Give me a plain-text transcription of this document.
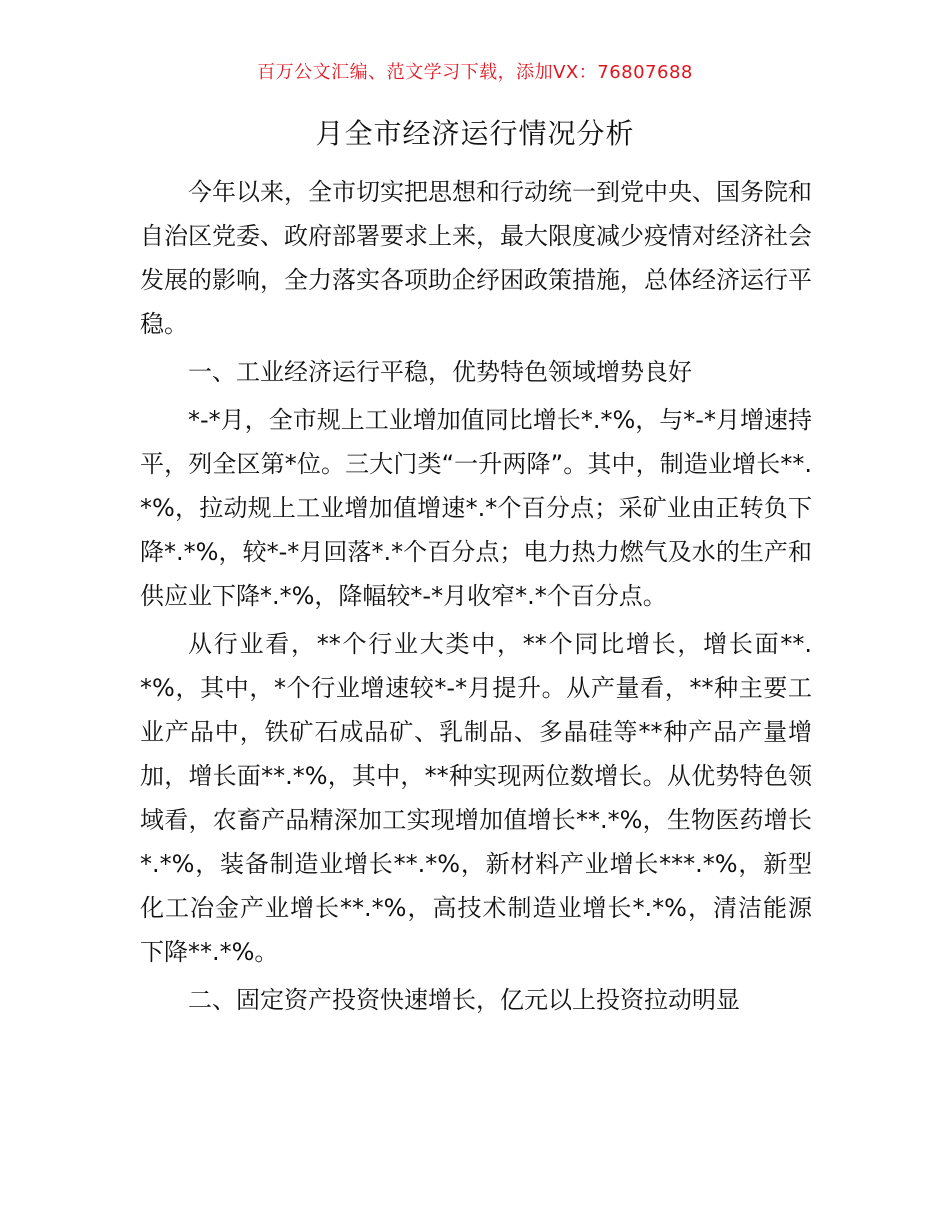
百万公文汇编、范文学习下载，添加VX：76807688
月全市经济运行情况分析

今年以来，全市切实把思想和行动统一到党中央、国务院和自治区党委、政府部署要求上来，最大限度减少疫情对经济社会发展的影响，全力落实各项助企纾困政策措施，总体经济运行平稳。

一、工业经济运行平稳，优势特色领域增势良好

*-*月，全市规上工业增加值同比增长*.*%，与*-*月增速持平，列全区第*位。三大门类“一升两降”。其中，制造业增长**.*%，拉动规上工业增加值增速*.*个百分点；采矿业由正转负下降*.*%，较*-*月回落*.*个百分点；电力热力燃气及水的生产和供应业下降*.*%，降幅较*-*月收窄*.*个百分点。

从行业看，**个行业大类中，**个同比增长，增长面**.*%，其中，*个行业增速较*-*月提升。从产量看，**种主要工业产品中，铁矿石成品矿、乳制品、多晶硅等**种产品产量增加，增长面**.*%，其中，**种实现两位数增长。从优势特色领域看，农畜产品精深加工实现增加值增长**.*%，生物医药增长*.*%，装备制造业增长**.*%，新材料产业增长***.*%，新型化工冶金产业增长**.*%，高技术制造业增长*.*%，清洁能源下降**.*%。

二、固定资产投资快速增长，亿元以上投资拉动明显
